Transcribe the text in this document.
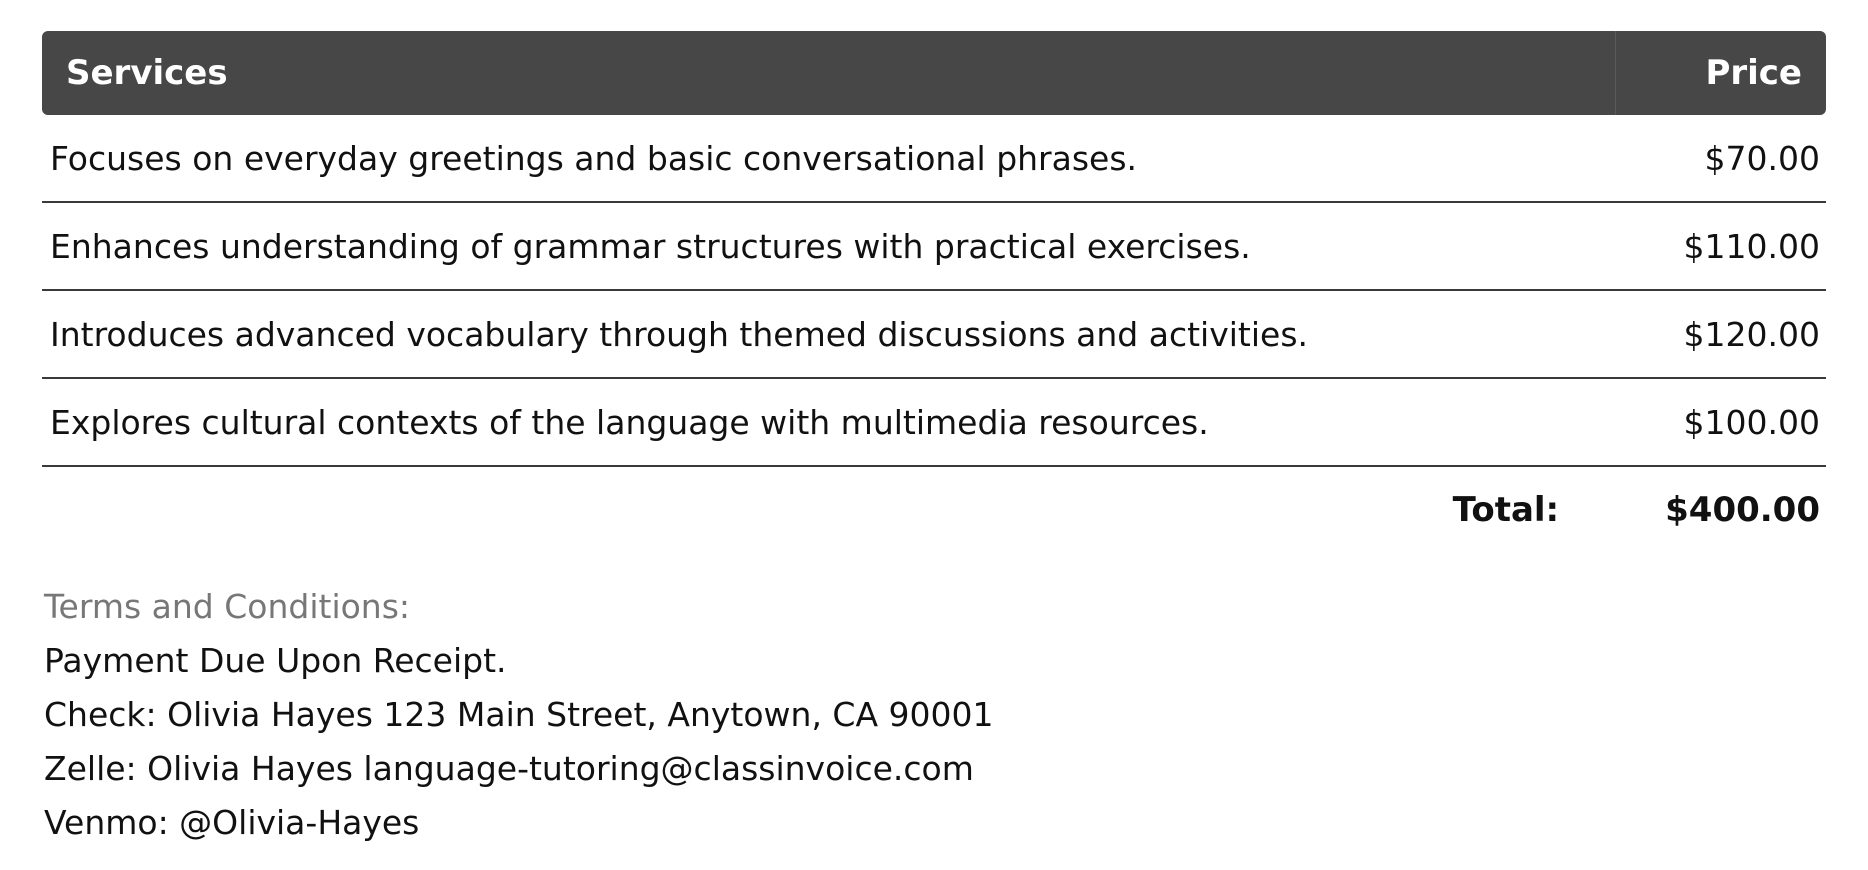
Services	Price
Focuses on everyday greetings and basic conversational phrases.	$70.00
Enhances understanding of grammar structures with practical exercises.	$110.00
Introduces advanced vocabulary through themed discussions and activities.	$120.00
Explores cultural contexts of the language with multimedia resources.	$100.00
Total:	$400.00
Terms and Conditions:
Payment Due Upon Receipt.
Check: Olivia Hayes 123 Main Street, Anytown, CA 90001
Zelle: Olivia Hayes language-tutoring@classinvoice.com
Venmo: @Olivia-Hayes
